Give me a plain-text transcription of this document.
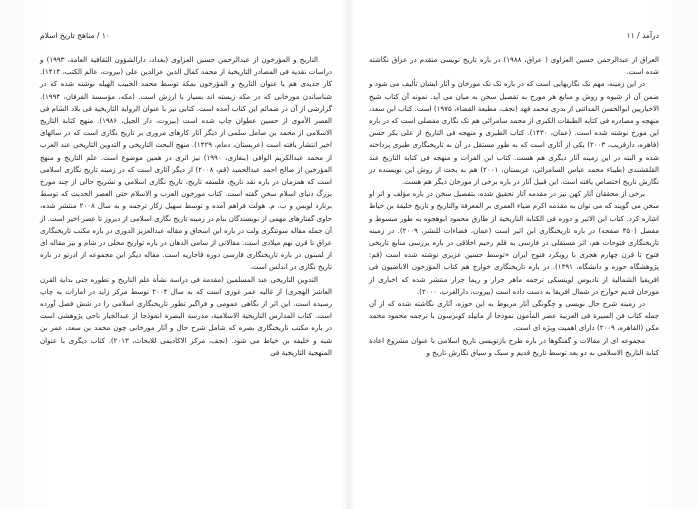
۱۰ / مناهج تاریخ اسلام

التاریخ و المؤرخون از عبدالرحمن حسین العزاوی (بغداد، دارالشؤون الثقافیة العامة، ۱۹۹۳) و دراسات نقدیة فی المصادر التاریخیة از محمد کمال الدین عزالدین علی (بیروت، عالم الکتب، ۱۴۱۴). کار جدیدی هم با عنوان التاریخ و المؤرخون بمکة توسط محمد الحبیب الهیله نوشته شده که در شناساندن مورخانی که در مکه زیسته اند بسیار با ارزش است. (مکه، مؤسسة الفرقان، ۱۹۹۴). گزارشی از آن در ضمائم این کتاب آمده است. کتابی نیز با عنوان الروایة التاریخیة فی بلاد الشام فی العصر الأموی از حسین عطوان چاپ شده است (بیروت، دار الجیل، ۱۹۸۶). منهج کتابة التاریخ الاسلامی از محمد بن صامل سلمی از دیگر آثار کارهای مروری بر تاریخ نگاری است که در سالهای اخیر انتشار یافته است (عربستان، دمام، ۱۴۲۹). منهج البحث التاریخی و التدوین التاریخی عند العرب از محمد عبدالکریم الوافی (بنغازی، ۱۹۹۰) نیز اثری در همین موضوع است. علم التاریخ و منهج المؤرخین از صالح احمد عبدالحمید (قم، ۲۰۰۸) از دیگر آثاری است که در زمینه تاریخ نگاری اسلامی است که همزمان در باره نقد تاریخ، فلسفه تاریخ، تاریخ نگاری اسلامی و تشریح حالی از چند مورخ بزرگ دنیای اسلام سخن گفته است. کتاب مورخون العرب و الاسلام حتی العصر الحدیث که توسط برنارد لویس و ب. م. هولت فراهم آمده و توسط سهیل زکار ترجمه و به سال ۲۰۰۸ منتشر شده، حاوی گفتارهای مهمی از نویسندگان بنام در زمینه تاریخ نگاری اسلامی از دیروز تا عصر اخیر است. از آن جمله مقاله سونتگری ولت در باره ابن اسحاق و مقاله عبدالعزیز الدوری در باره مکتب تاریخنگاری عراق تا قرن نهم میلادی است. مقالاتی از سامی الدهان در باره تواریخ محلی در شام و نیز مقاله ای از لمبتون در باره تاریخنگاری فارسی دوره قاجاریه است. مقاله دیگر این مجموعه از ادرتو در باره تاریخ نگاری در اندلس است.

التدوین التاریخی عند المسلمین (مقدمة فی دراسة نشأة علم التاریخ و تطوره حتی بدایة القرن العاشر الهجری) از غالیه عمر غوزی است که به سال ۲۰۰۴ توسط مرکز زاید در امارات به چاپ رسیده است. این اثر از نگاهی عمومی و فراگیر تطور تاریخنگاری اسلامی را در شش فصل آورده است. کتاب المدارس التاریخیة الاسلامیة، مدرسة البصرة انموذجا از عبدالجبار ناجی پژوهشی است در باره مکتب تاریخنگاری بصره که شامل شرح حال و آثار مورخانی چون محمد بن سعد، عمر بن شبه و خلیفه بن خیاط می شود. (نجف، مرکز الاکادیمی للابحاث، ۲۰۱۳). کتاب دیگری با عنوان المنهجیة التاریخیة فی

درآمد / ۱۱

العراق از عبدالرحمن حسین العزاوی ( عراق، ۱۹۸۸) در باره تاریخ نویسی متقدم در عراق نگاشته شده است.

در این زمینه، مهم تک نگاریهایی است که در باره تک تک مورخان و آثار ایشان تألیف می شود و ضمن آن از شیوه و روش و منابع هر مورخ به تفصیل سخن به میان می آید. نمونه آن کتاب شیخ الاخباریین ابوالحسن المدائنی از بدری محمد فهد (نجف، مطبعة القضاء، ۱۹۷۵) است. کتاب ابن سعد، منهجه و مصادره فی کتابه الطبقات الکبری از محمد سامرائی هم تک نگاری مفصلی است که در باره این مورخ نوشته شده است. (عمان، ۱۴۳۰). کتاب الطبری و منهجه فی التاریخ از علی بکر حسن (قاهره، دارقریب، ۲۰۰۳) یکی از آثاری است که به طور مستقل در آن به تاریخنگاری طبری پرداخته شده و البته در این زمینه آثار دیگری هم هست. کتاب ابن الفرات و منهجه فی کتابة التاریخ عند القلقشندی (طیباء محمد عباس السامرائی، عربستان، ۲۰۰۱) هم به بحث از روش این نویسنده در نگارش تاریخ اختصاص یافته است. این قبیل آثار در باره برخی از مورخان دیگر هم هست.

برخی از محققان آثار کهن نیز در مقدمه آثار تحقیق شده، بتفصیل سخن در باره مؤلف و اثر او سخن می گویند که می توان به مقدمه اکرم ضیاء العمری بر المعرفة والتاریخ و تاریخ خلیفة بن خیاط اشاره کرد. کتاب ابن الاثیر و دوره فی الکتابة التاریخیة از طارق محمود ابوهجوه به طور مبسوط و مفصل (۴۵۰ صفحه) در باره تاریخنگاری ابن اثیر است (عمان، فضاءات للنشر، ۲۰۰۹). در زمینه تاریخنگاری فتوحات هم، اثر مستقلی در فارسی به قلم رحیم اخلاقی در باره بررسی منابع تاریخی فتوح تا قرن چهارم هجری با رویکرد فتوح ایران «توسط حسین عزیزی نوشته شده است (قم: پژوهشگاه حوزه و دانشگاه، ۱۳۹۱). در باره تاریخنگاری خوارج هم کتاب المؤرخون الاباضیون فی افریقیا الشمالیة از تادیوس لویتسکی ترجمه ماهر جرار و ریما جرار منتشر شده که اخباری از مورخان قدیم خوارج در شمال افریقا به دست داده است (بیروت، دارالغرب، ۲۰۰۰).

در زمینه شرح حال نویسی و چگونگی آثار مربوط به این حوزه، آثاری نگاشته شده که از آن جمله کتاب فن السیرة فی العربیة عصر المأمون نموذجا از ماتیلد کوبرسون با ترجمه محمود محمد مکی (القاهره، ۲۰۰۹) دارای اهمیت ویژه ای است.

مجموعه ای از مقالات و گفتگوها در باره طرح بازنویسی تاریخ اسلامی با عنوان مشروع اعادة کتابة التاریخ الاسلامی به دو بعد توسط تاریخ قدیم و سبک و سیاق نگارش تاریخ و
